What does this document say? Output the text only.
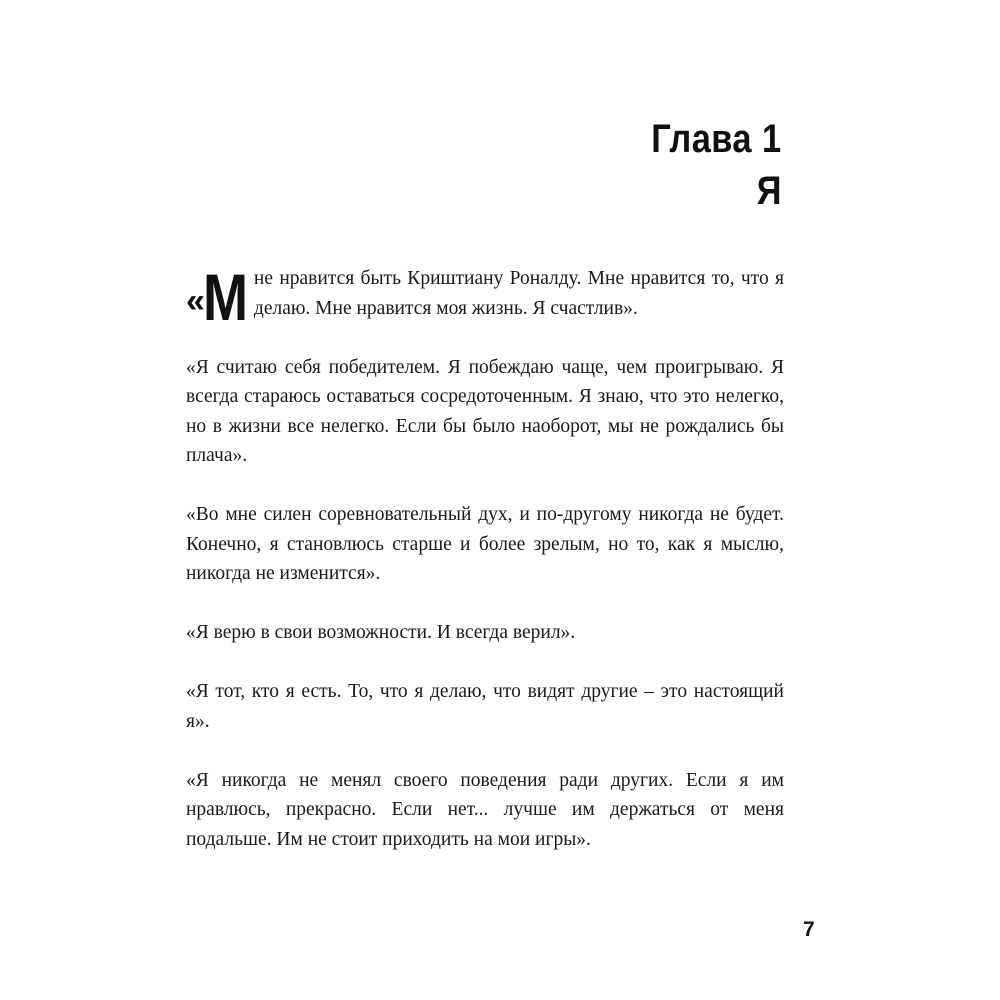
Глава 1
Я

«М не нравится быть Криштиану Роналду. Мне нравится то, что я делаю. Мне нравится моя жизнь. Я счастлив».

«Я считаю себя победителем. Я побеждаю чаще, чем проигрываю. Я всегда стараюсь оставаться сосредоточенным. Я знаю, что это нелегко, но в жизни все нелегко. Если бы было наоборот, мы не рождались бы плача».

«Во мне силен соревновательный дух, и по-другому никогда не будет. Конечно, я становлюсь старше и более зрелым, но то, как я мыслю, никогда не изменится».

«Я верю в свои возможности. И всегда верил».

«Я тот, кто я есть. То, что я делаю, что видят другие – это настоящий я».

«Я никогда не менял своего поведения ради других. Если я им нравлюсь, прекрасно. Если нет... лучше им держаться от меня подальше. Им не стоит приходить на мои игры».

7
